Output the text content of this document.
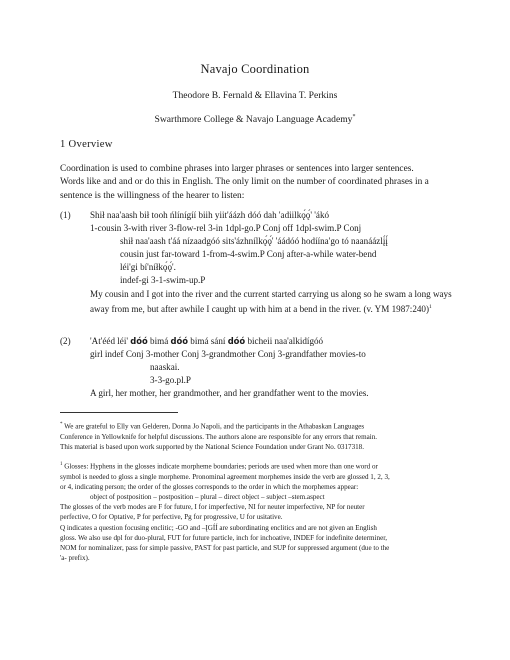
Navajo Coordination
Theodore B. Fernald & Ellavina T. Perkins
Swarthmore College & Navajo Language Academy*
1 Overview
Coordination is used to combine phrases into larger phrases or sentences into larger sentences.
Words like and and or do this in English. The only limit on the number of coordinated phrases in a
sentence is the willingness of the hearer to listen:
(1) Shił naa'aash bił tooh ńlínígíí biih yiit'áázh dóó dah 'adiilkǫ́ǫ́' 'ákó
1-cousin 3-with river 3-flow-rel 3-in 1dpl-go.P Conj off 1dpl-swim.P Conj
shił naa'aash t'áá nízaadgóó sits'ázhnílkǫ́ǫ́' 'áádóó hodíína'go tó naanáázlį́į́
cousin just far-toward 1-from-4-swim.P Conj after-a-while water-bend
léi'gi bí'níłkǫ́ǫ́'.
indef-gi 3-1-swim-up.P
My cousin and I got into the river and the current started carrying us along so he swam a long ways away from me, but after awhile I caught up with him at a bend in the river. (v. YM 1987:240)$^1$
(2) 'At'ééd léi' dóó bimá dóó bimá sání dóó bicheii naa'alkidígóó
girl indef Conj 3-mother Conj 3-grandmother Conj 3-grandfather movies-to
naaskai.
3-3-go.pl.P
A girl, her mother, her grandmother, and her grandfather went to the movies.
* We are grateful to Elly van Gelderen, Donna Jo Napoli, and the participants in the Athabaskan Languages
Conference in Yellowknife for helpful discussions. The authors alone are responsible for any errors that remain.
This material is based upon work supported by the National Science Foundation under Grant No. 0317318.
$^1$ Glosses: Hyphens in the glosses indicate morpheme boundaries; periods are used when more than one word or
symbol is needed to gloss a single morpheme. Pronominal agreement morphemes inside the verb are glossed 1, 2, 3,
or 4, indicating person; the order of the glosses corresponds to the order in which the morphemes appear:
object of postposition – postposition – plural – direct object – subject –stem.aspect
The glosses of the verb modes are F for future, I for imperfective, NI for neuter imperfective, NP for neuter
perfective, O for Optative, P for perfective, Pg for progressive, U for usitative.
Q indicates a question focusing enclitic; -GO and –ĮGÍÍ are subordinating enclitics and are not given an English
gloss. We also use dpl for duo-plural, FUT for future particle, inch for inchoative, INDEF for indefinite determiner,
NOM for nominalizer, pass for simple passive, PAST for past particle, and SUP for suppressed argument (due to the
'a- prefix).
